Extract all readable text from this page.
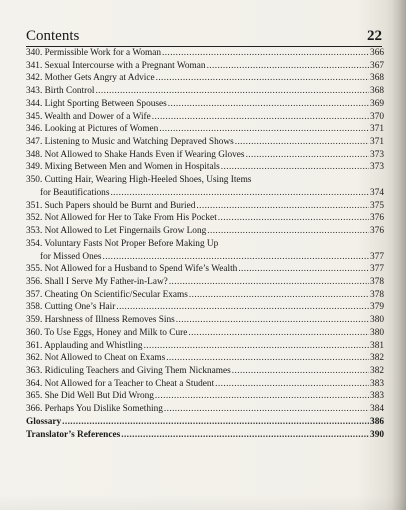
Contents	22
340. Permissible Work for a Woman .....	366
341. Sexual Intercourse with a Pregnant Woman .....	367
342. Mother Gets Angry at Advice .....	368
343. Birth Control .....	368
344. Light Sporting Between Spouses .....	369
345. Wealth and Dower of a Wife .....	370
346. Looking at Pictures of Women .....	371
347. Listening to Music and Watching Depraved Shows .....	371
348. Not Allowed to Shake Hands Even if Wearing Gloves .....	373
349. Mixing Between Men and Women in Hospitals .....	373
350. Cutting Hair, Wearing High-Heeled Shoes, Using Items
for Beautifications .....	374
351. Such Papers should be Burnt and Buried .....	375
352. Not Allowed for Her to Take From His Pocket .....	376
353. Not Allowed to Let Fingernails Grow Long .....	376
354. Voluntary Fasts Not Proper Before Making Up
for Missed Ones .....	377
355. Not Allowed for a Husband to Spend Wife’s Wealth .....	377
356. Shall I Serve My Father-in-Law? .....	378
357. Cheating On Scientific/Secular Exams .....	378
358. Cutting One’s Hair .....	379
359. Harshness of Illness Removes Sins .....	380
360. To Use Eggs, Honey and Milk to Cure .....	380
361. Applauding and Whistling .....	381
362. Not Allowed to Cheat on Exams .....	382
363. Ridiculing Teachers and Giving Them Nicknames .....	382
364. Not Allowed for a Teacher to Cheat a Student .....	383
365. She Did Well But Did Wrong .....	383
366. Perhaps You Dislike Something .....	384
Glossary .....	386
Translator’s References .....	390
